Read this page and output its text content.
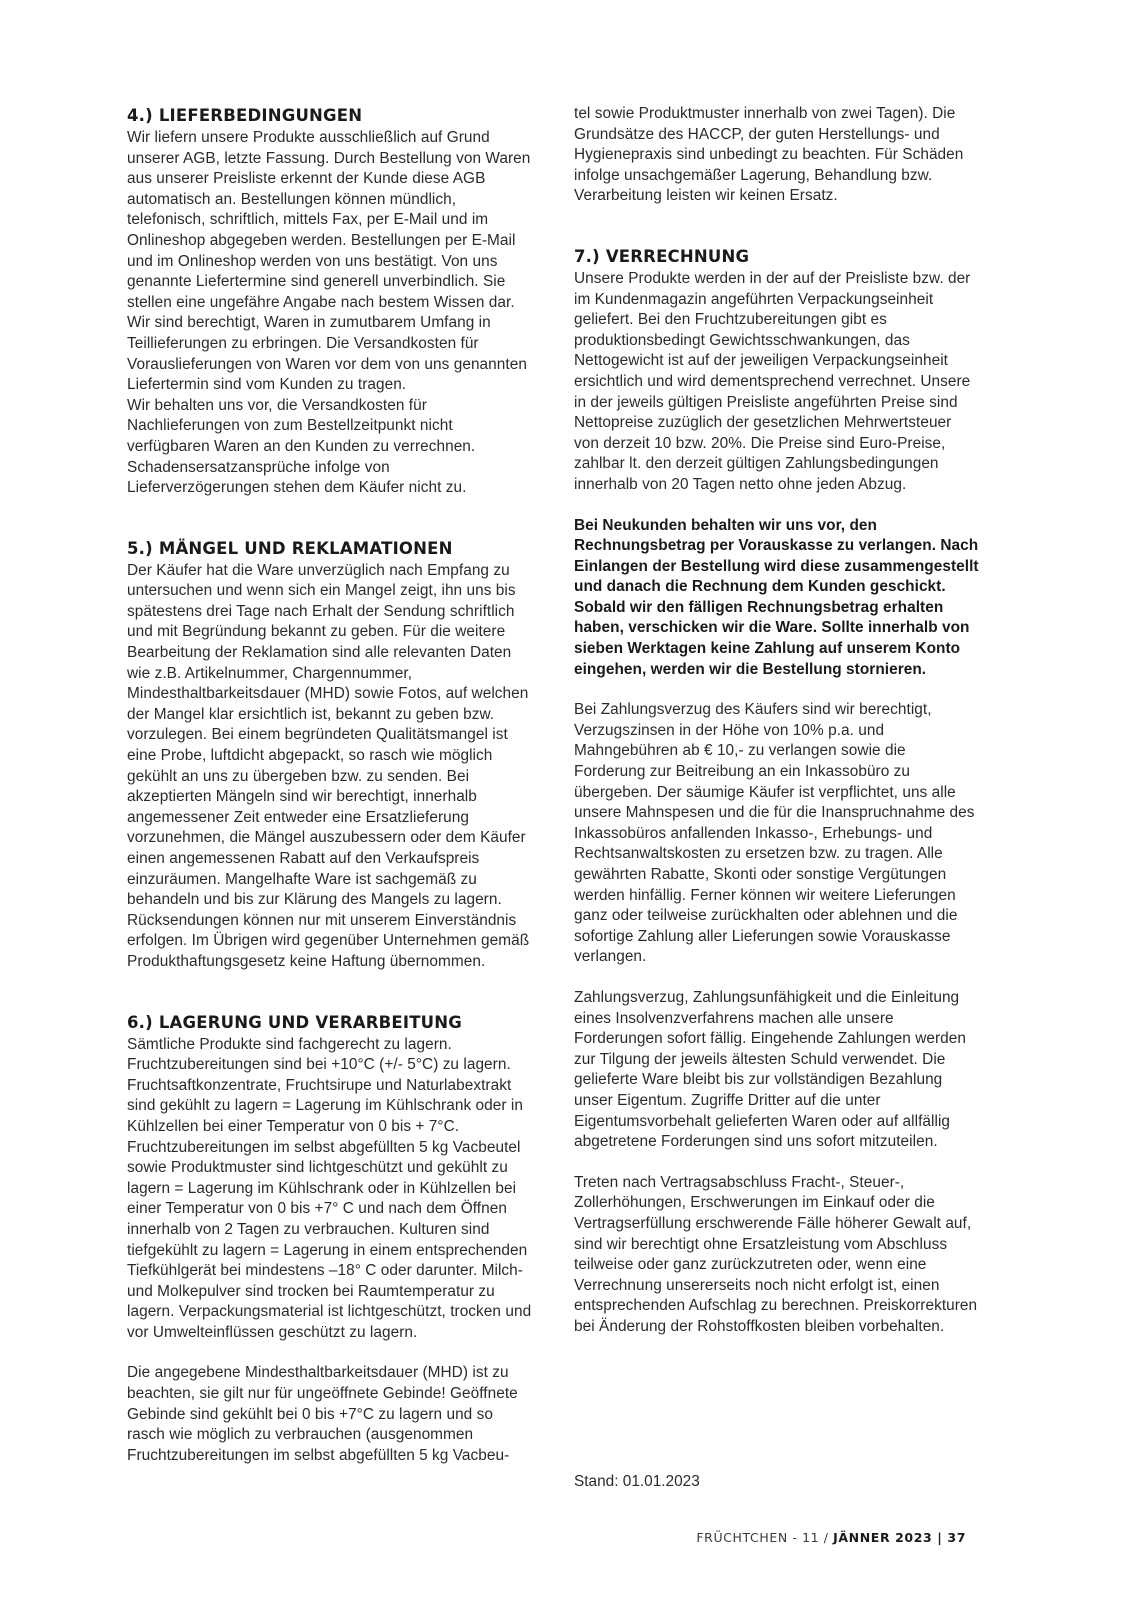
4.) LIEFERBEDINGUNGEN

Wir liefern unsere Produkte ausschließlich auf Grund unserer AGB, letzte Fassung. Durch Bestellung von Waren aus unserer Preisliste erkennt der Kunde diese AGB automatisch an. Bestellungen können mündlich, telefonisch, schriftlich, mittels Fax, per E-Mail und im Onlineshop abgegeben werden. Bestellungen per E-Mail und im Onlineshop werden von uns bestätigt. Von uns genannte Liefertermine sind generell unverbindlich. Sie stellen eine ungefähre Angabe nach bestem Wissen dar. Wir sind berechtigt, Waren in zumutbarem Umfang in Teillieferungen zu erbringen. Die Versandkosten für Vorauslieferungen von Waren vor dem von uns genannten Liefertermin sind vom Kunden zu tragen.

Wir behalten uns vor, die Versandkosten für Nachlieferungen von zum Bestellzeitpunkt nicht verfügbaren Waren an den Kunden zu verrechnen. Schadensersatzansprüche infolge von Lieferverzögerungen stehen dem Käufer nicht zu.

5.) MÄNGEL UND REKLAMATIONEN

Der Käufer hat die Ware unverzüglich nach Empfang zu untersuchen und wenn sich ein Mangel zeigt, ihn uns bis spätestens drei Tage nach Erhalt der Sendung schriftlich und mit Begründung bekannt zu geben. Für die weitere Bearbeitung der Reklamation sind alle relevanten Daten wie z.B. Artikelnummer, Chargennummer, Mindesthaltbarkeitsdauer (MHD) sowie Fotos, auf welchen der Mangel klar ersichtlich ist, bekannt zu geben bzw. vorzulegen. Bei einem begründeten Qualitätsmangel ist eine Probe, luftdicht abgepackt, so rasch wie möglich gekühlt an uns zu übergeben bzw. zu senden. Bei akzeptierten Mängeln sind wir berechtigt, innerhalb angemessener Zeit entweder eine Ersatzlieferung vorzunehmen, die Mängel auszubessern oder dem Käufer einen angemessenen Rabatt auf den Verkaufspreis einzuräumen. Mangelhafte Ware ist sachgemäß zu behandeln und bis zur Klärung des Mangels zu lagern. Rücksendungen können nur mit unserem Einverständnis erfolgen. Im Übrigen wird gegenüber Unternehmen gemäß Produkthaftungsgesetz keine Haftung übernommen.

6.) LAGERUNG UND VERARBEITUNG

Sämtliche Produkte sind fachgerecht zu lagern. Fruchtzubereitungen sind bei +10°C (+/- 5°C) zu lagern. Fruchtsaftkonzentrate, Fruchtsirupe und Naturlabextrakt sind gekühlt zu lagern = Lagerung im Kühlschrank oder in Kühlzellen bei einer Temperatur von 0 bis + 7°C. Fruchtzubereitungen im selbst abgefüllten 5 kg Vacbeutel sowie Produktmuster sind lichtgeschützt und gekühlt zu lagern = Lagerung im Kühlschrank oder in Kühlzellen bei einer Temperatur von 0 bis +7° C und nach dem Öffnen innerhalb von 2 Tagen zu verbrauchen. Kulturen sind tiefgekühlt zu lagern = Lagerung in einem entsprechenden Tiefkühlgerät bei mindestens –18° C oder darunter. Milch- und Molkepulver sind trocken bei Raumtemperatur zu lagern. Verpackungsmaterial ist lichtgeschützt, trocken und vor Umwelteinflüssen geschützt zu lagern.

Die angegebene Mindesthaltbarkeitsdauer (MHD) ist zu beachten, sie gilt nur für ungeöffnete Gebinde! Geöffnete Gebinde sind gekühlt bei 0 bis +7°C zu lagern und so rasch wie möglich zu verbrauchen (ausgenommen Fruchtzubereitungen im selbst abgefüllten 5 kg Vacbeu-

tel sowie Produktmuster innerhalb von zwei Tagen). Die Grundsätze des HACCP, der guten Herstellungs- und Hygienepraxis sind unbedingt zu beachten. Für Schäden infolge unsachgemäßer Lagerung, Behandlung bzw. Verarbeitung leisten wir keinen Ersatz.

7.) VERRECHNUNG

Unsere Produkte werden in der auf der Preisliste bzw. der im Kundenmagazin angeführten Verpackungseinheit geliefert. Bei den Fruchtzubereitungen gibt es produktionsbedingt Gewichtsschwankungen, das Nettogewicht ist auf der jeweiligen Verpackungseinheit ersichtlich und wird dementsprechend verrechnet. Unsere in der jeweils gültigen Preisliste angeführten Preise sind Nettopreise zuzüglich der gesetzlichen Mehrwertsteuer von derzeit 10 bzw. 20%. Die Preise sind Euro-Preise, zahlbar lt. den derzeit gültigen Zahlungsbedingungen innerhalb von 20 Tagen netto ohne jeden Abzug.

Bei Neukunden behalten wir uns vor, den Rechnungsbetrag per Vorauskasse zu verlangen. Nach Einlangen der Bestellung wird diese zusammengestellt und danach die Rechnung dem Kunden geschickt. Sobald wir den fälligen Rechnungsbetrag erhalten haben, verschicken wir die Ware. Sollte innerhalb von sieben Werktagen keine Zahlung auf unserem Konto eingehen, werden wir die Bestellung stornieren.

Bei Zahlungsverzug des Käufers sind wir berechtigt, Verzugszinsen in der Höhe von 10% p.a. und Mahngebühren ab € 10,- zu verlangen sowie die Forderung zur Beitreibung an ein Inkassobüro zu übergeben. Der säumige Käufer ist verpflichtet, uns alle unsere Mahnspesen und die für die Inanspruchnahme des Inkassobüros anfallenden Inkasso-, Erhebungs- und Rechtsanwaltskosten zu ersetzen bzw. zu tragen. Alle gewährten Rabatte, Skonti oder sonstige Vergütungen werden hinfällig. Ferner können wir weitere Lieferungen ganz oder teilweise zurückhalten oder ablehnen und die sofortige Zahlung aller Lieferungen sowie Vorauskasse verlangen.

Zahlungsverzug, Zahlungsunfähigkeit und die Einleitung eines Insolvenzverfahrens machen alle unsere Forderungen sofort fällig. Eingehende Zahlungen werden zur Tilgung der jeweils ältesten Schuld verwendet. Die gelieferte Ware bleibt bis zur vollständigen Bezahlung unser Eigentum. Zugriffe Dritter auf die unter Eigentumsvorbehalt gelieferten Waren oder auf allfällig abgetretene Forderungen sind uns sofort mitzuteilen.

Treten nach Vertragsabschluss Fracht-, Steuer-, Zollerhöhungen, Erschwerungen im Einkauf oder die Vertragserfüllung erschwerende Fälle höherer Gewalt auf, sind wir berechtigt ohne Ersatzleistung vom Abschluss teilweise oder ganz zurückzutreten oder, wenn eine Verrechnung unsererseits noch nicht erfolgt ist, einen entsprechenden Aufschlag zu berechnen. Preiskorrekturen bei Änderung der Rohstoffkosten bleiben vorbehalten.

Stand: 01.01.2023
FRÜCHTCHEN - 11 / JÄNNER 2023 | 37
